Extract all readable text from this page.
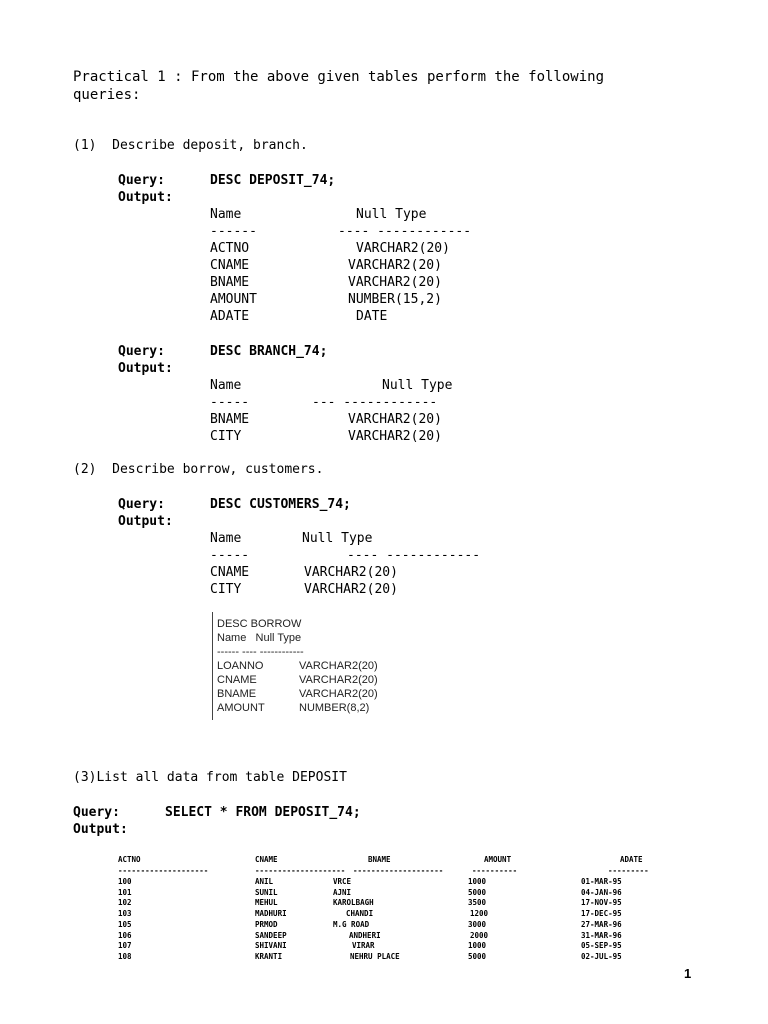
Practical 1 : From the above given tables perform the following
queries:
(1)  Describe deposit, branch.
Query:	DESC DEPOSIT_74;
Output:
Name	Null Type
------	---- ------------
ACTNO	VARCHAR2(20)
CNAME	VARCHAR2(20)
BNAME	VARCHAR2(20)
AMOUNT	NUMBER(15,2)
ADATE	DATE
Query:	DESC BRANCH_74;
Output:
Name	Null Type
-----	--- ------------
BNAME	VARCHAR2(20)
CITY	VARCHAR2(20)
(2)  Describe borrow, customers.
Query:	DESC CUSTOMERS_74;
Output:
Name	Null Type
-----	---- ------------
CNAME	VARCHAR2(20)
CITY	VARCHAR2(20)
DESC BORROW
Name   Null Type
------ ---- ------------
LOANNO	VARCHAR2(20)
CNAME	VARCHAR2(20)
BNAME	VARCHAR2(20)
AMOUNT	NUMBER(8,2)
(3)List all data from table DEPOSIT
Query:	SELECT * FROM DEPOSIT_74;
Output:
ACTNO	CNAME	BNAME	AMOUNT	ADATE
--------------------	-------------------- --------------------	----------	---------
100	ANIL	VRCE	1000	01-MAR-95
101	SUNIL	AJNI	5000	04-JAN-96
102	MEHUL	KAROLBAGH	3500	17-NOV-95
103	MADHURI	CHANDI	1200	17-DEC-95
105	PRMOD	M.G ROAD	3000	27-MAR-96
106	SANDEEP	ANDHERI	2000	31-MAR-96
107	SHIVANI	VIRAR	1000	05-SEP-95
108	KRANTI	NEHRU PLACE	5000	02-JUL-95
1
